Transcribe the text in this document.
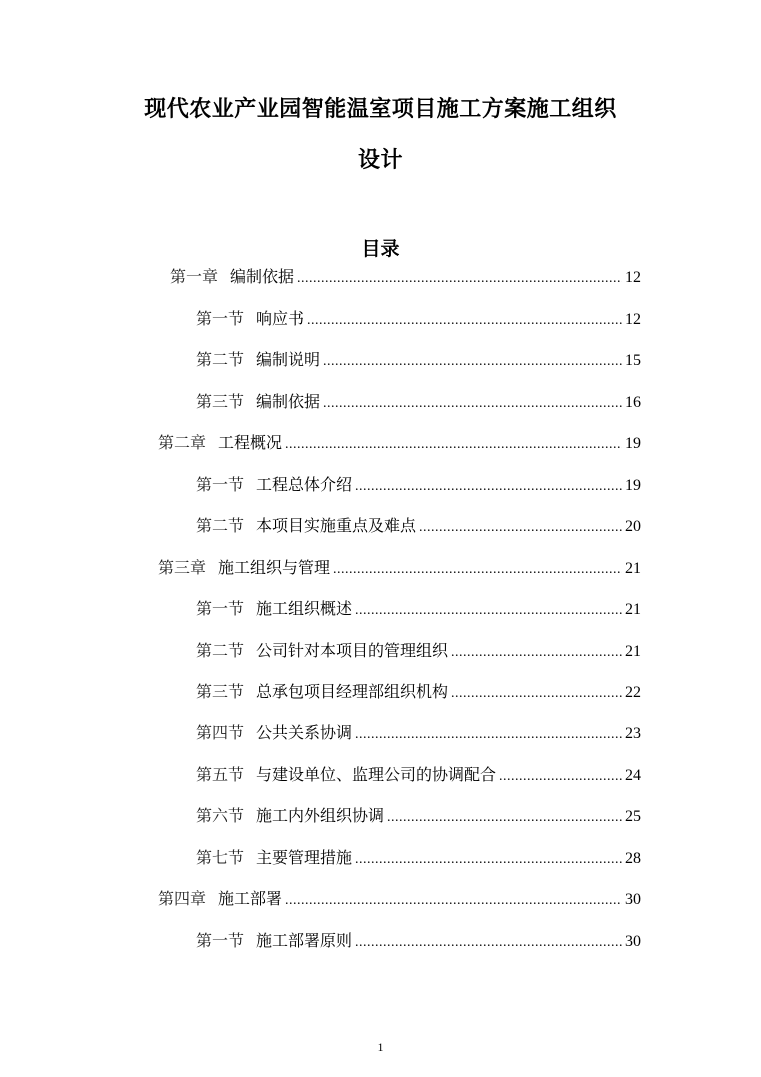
现代农业产业园智能温室项目施工方案施工组织
设计
目录
第一章 编制依据 .....	12
第一节 响应书 .....	12
第二节 编制说明 .....	15
第三节 编制依据 .....	16
第二章 工程概况 .....	19
第一节 工程总体介绍 .....	19
第二节 本项目实施重点及难点 .....	20
第三章 施工组织与管理 .....	21
第一节 施工组织概述 .....	21
第二节 公司针对本项目的管理组织 .....	21
第三节 总承包项目经理部组织机构 .....	22
第四节 公共关系协调 .....	23
第五节 与建设单位、监理公司的协调配合 .....	24
第六节 施工内外组织协调 .....	25
第七节 主要管理措施 .....	28
第四章 施工部署 .....	30
第一节 施工部署原则 .....	30
1
